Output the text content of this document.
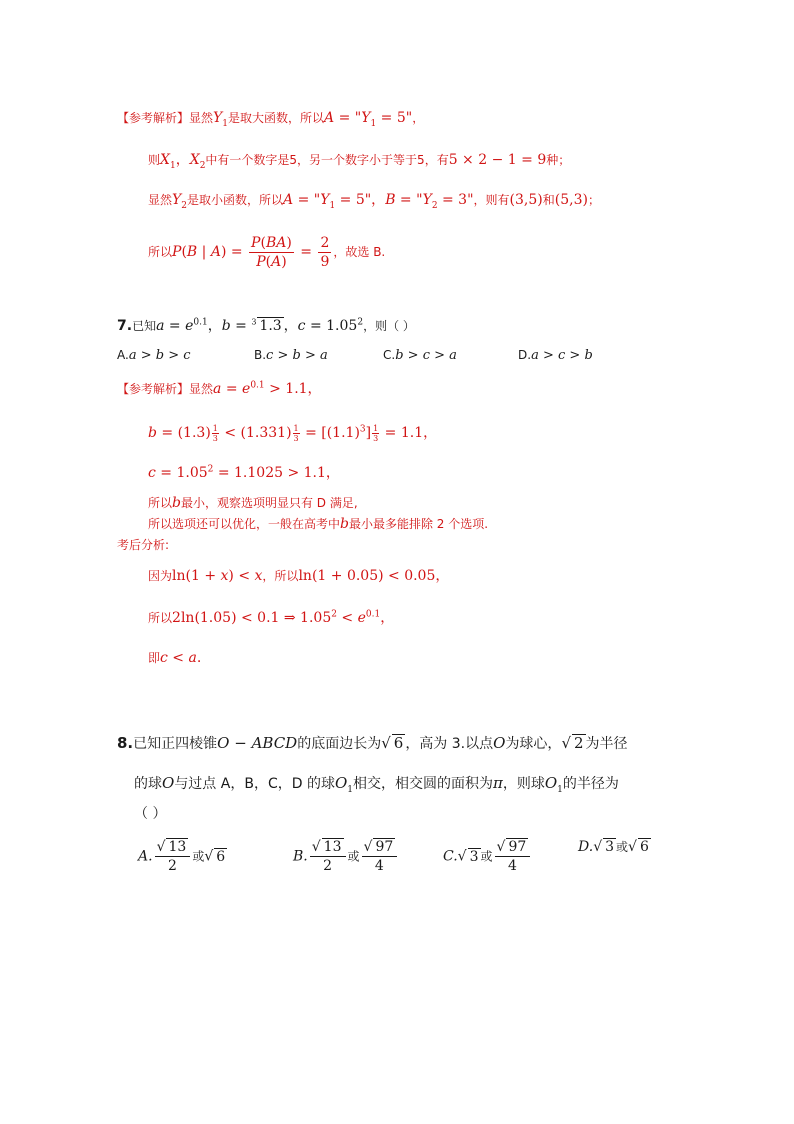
【参考解析】显然$Y_1$是取大函数，所以$A = "Y_1 = 5$"，
则$X_1$，$X_2$中有一个数字是5，另一个数字小于等于5，有5 × 2 − 1 = 9种；
显然$Y_2$是取小函数，所以$A = "Y_1 = 5$"，$B = "Y_2 = 3$"，则有(3,5)和(5,3)；
所以P(B | $A) = \frac{P(BA)}{P(A)} = \frac{2}{9}$ ，故选 B.
7.已知$a = e^{0.1}$，b = $^3$ 1.3 ，$c = 1.05^2$，则（ ）
A.a > b > c	B.c > b > a	C.b > c > a	D.a > c > b
【参考解析】显然$a = e^{0.1} > 1.1$，
$b = (1.3) \frac{1}{3} < (1.331) \frac{1}{3} = [(1.1)^3] \frac{1}{3} = 1.1$，
$c = 1.05^2 = 1.1025 > 1.1$，
所以b最小，观察选项明显只有 D 满足,
所以选项还可以优化，一般在高考中b最小最多能排除 2 个选项.
考后分析:
因为ln(1 + x) < x，所以ln(1 + 0.05) < 0.05，
所以2ln(1.05) < 0.1 ⇒ $1.05^2 < e^{0.1}$，
即c < a.
8.已知正四棱锥O − ABCD的底面边长为√ 6 ，高为 3.以点O为球心，√ 2 为半径
的球O与过点 A，B，C，D 的球$O_1$相交，相交圆的面积为π，则球$O_1$的半径为
（ ）
A. $\frac{√ 13}{2}$ 或√ 6	B. $\frac{√ 13}{2}$ 或 $\frac{√ 97}{4}$	C.√ 3 或 $\frac{√ 97}{4}$	D.√ 3 或√ 6
